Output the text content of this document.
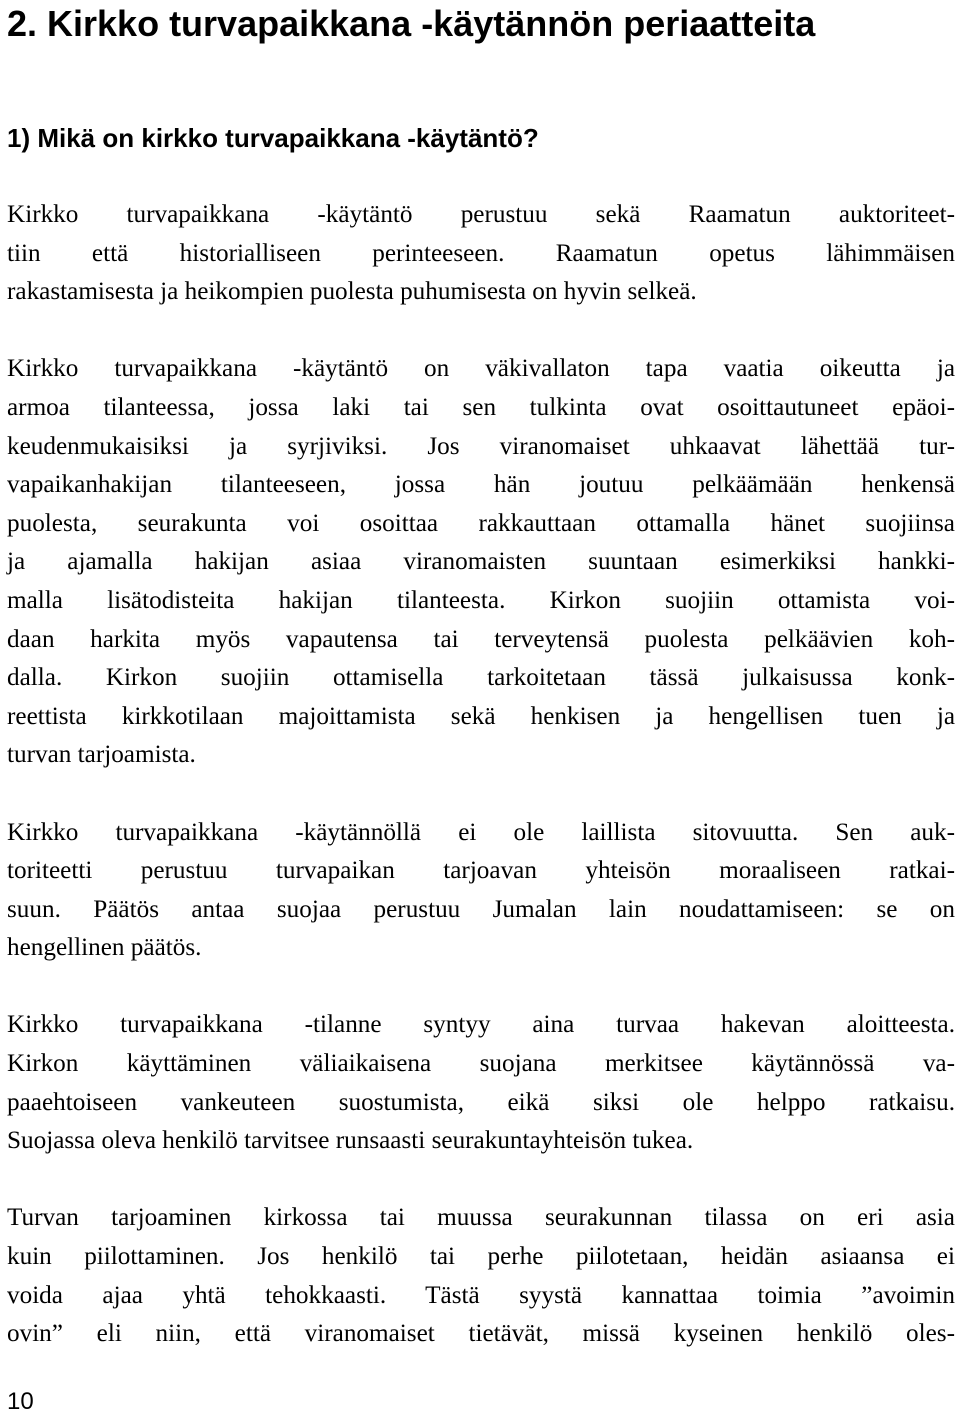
2. Kirkko turvapaikkana -käytännön periaatteita
1) Mikä on kirkko turvapaikkana -käytäntö?

Kirkko turvapaikkana -käytäntö perustuu sekä Raamatun auktoriteet-
tiin että historialliseen perinteeseen. Raamatun opetus lähimmäisen
rakastamisesta ja heikompien puolesta puhumisesta on hyvin selkeä.

Kirkko turvapaikkana -käytäntö on väkivallaton tapa vaatia oikeutta ja
armoa tilanteessa, jossa laki tai sen tulkinta ovat osoittautuneet epäoi-
keudenmukaisiksi ja syrjiviksi. Jos viranomaiset uhkaavat lähettää tur-
vapaikanhakijan tilanteeseen, jossa hän joutuu pelkäämään henkensä
puolesta, seurakunta voi osoittaa rakkauttaan ottamalla hänet suojiinsa
ja ajamalla hakijan asiaa viranomaisten suuntaan esimerkiksi hankki-
malla lisätodisteita hakijan tilanteesta. Kirkon suojiin ottamista voi-
daan harkita myös vapautensa tai terveytensä puolesta pelkäävien koh-
dalla. Kirkon suojiin ottamisella tarkoitetaan tässä julkaisussa konk-
reettista kirkkotilaan majoittamista sekä henkisen ja hengellisen tuen ja
turvan tarjoamista.

Kirkko turvapaikkana -käytännöllä ei ole laillista sitovuutta. Sen auk-
toriteetti perustuu turvapaikan tarjoavan yhteisön moraaliseen ratkai-
suun. Päätös antaa suojaa perustuu Jumalan lain noudattamiseen: se on
hengellinen päätös.

Kirkko turvapaikkana -tilanne syntyy aina turvaa hakevan aloitteesta.
Kirkon käyttäminen väliaikaisena suojana merkitsee käytännössä va-
paaehtoiseen vankeuteen suostumista, eikä siksi ole helppo ratkaisu.
Suojassa oleva henkilö tarvitsee runsaasti seurakuntayhteisön tukea.

Turvan tarjoaminen kirkossa tai muussa seurakunnan tilassa on eri asia
kuin piilottaminen. Jos henkilö tai perhe piilotetaan, heidän asiaansa ei
voida ajaa yhtä tehokkaasti. Tästä syystä kannattaa toimia ”avoimin
ovin” eli niin, että viranomaiset tietävät, missä kyseinen henkilö oles-

10
